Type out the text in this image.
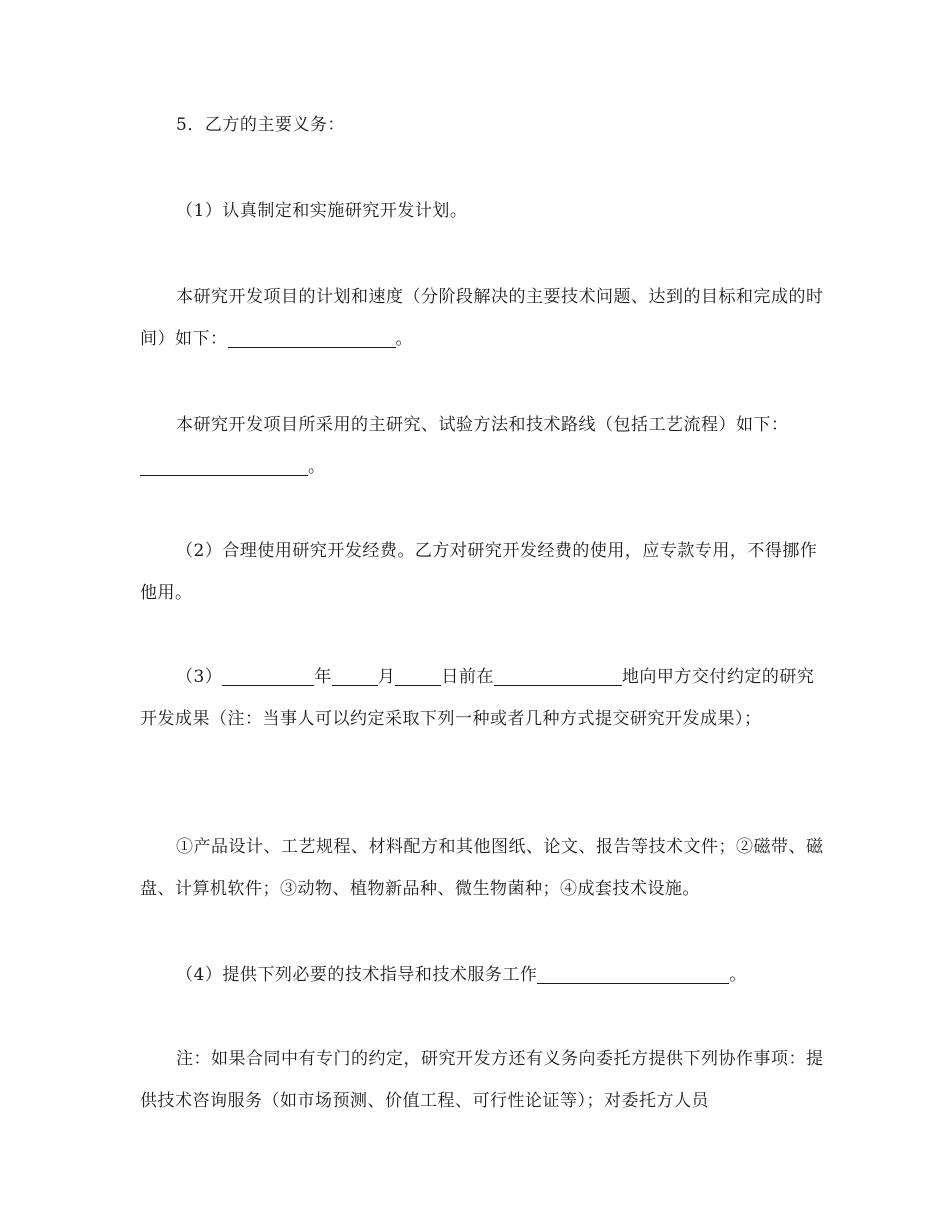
5．乙方的主要义务：
（1）认真制定和实施研究开发计划。
本研究开发项目的计划和速度（分阶段解决的主要技术问题、达到的目标和完成的时间）如下：	。
本研究开发项目所采用的主研究、试验方法和技术路线（包括工艺流程）如下：。
（2）合理使用研究开发经费。乙方对研究开发经费的使用，应专款专用，不得挪作他用。
（3）	年	月	日前在	地向甲方交付约定的研究开发成果（注：当事人可以约定采取下列一种或者几种方式提交研究开发成果）；
①产品设计、工艺规程、材料配方和其他图纸、论文、报告等技术文件；②磁带、磁盘、计算机软件；③动物、植物新品种、微生物菌种；④成套技术设施。
（4）提供下列必要的技术指导和技术服务工作	。
注：如果合同中有专门的约定，研究开发方还有义务向委托方提供下列协作事项：提供技术咨询服务（如市场预测、价值工程、可行性论证等）；对委托方人员
